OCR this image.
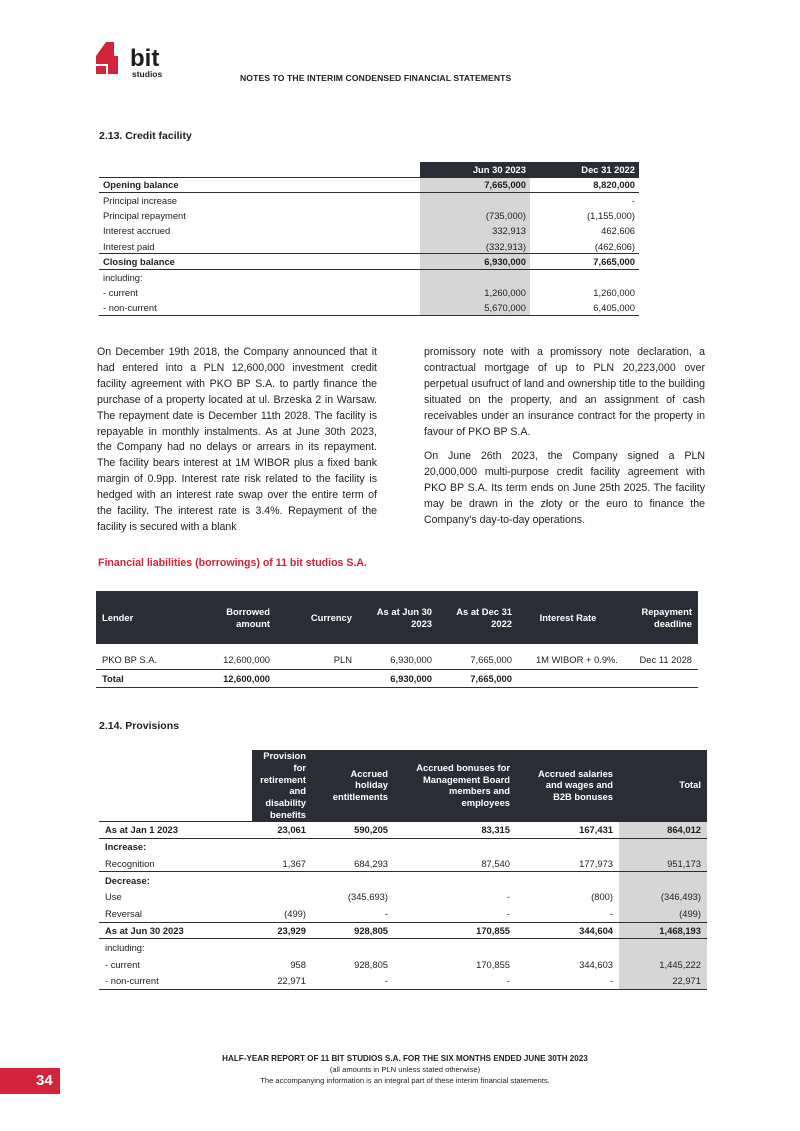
bit
studios	NOTES TO THE INTERIM CONDENSED FINANCIAL STATEMENTS
2.13. Credit facility
	Jun 30 2023	Dec 31 2022
Opening balance	7,665,000	8,820,000
Principal increase		-
Principal repayment	(735,000)	(1,155,000)
Interest accrued	332,913	462,606
Interest paid	(332,913)	(462,606)
Closing balance	6,930,000	7,665,000
including:		
- current	1,260,000	1,260,000
- non-current	5,670,000	6,405,000

On December 19th 2018, the Company announced that it had entered into a PLN 12,600,000 investment credit facility agreement with PKO BP S.A. to partly finance the purchase of a property located at ul. Brzeska 2 in Warsaw. The repayment date is December 11th 2028. The facility is repayable in monthly instalments. As at June 30th 2023, the Company had no delays or arrears in its repayment. The facility bears interest at 1M WIBOR plus a fixed bank margin of 0.9pp. Interest rate risk related to the facility is hedged with an interest rate swap over the entire term of the facility. The interest rate is 3.4%. Repayment of the facility is secured with a blank

promissory note with a promissory note declaration, a contractual mortgage of up to PLN 20,223,000 over perpetual usufruct of land and ownership title to the building situated on the property, and an assignment of cash receivables under an insurance contract for the property in favour of PKO BP S.A.

On June 26th 2023, the Company signed a PLN 20,000,000 multi-purpose credit facility agreement with PKO BP S.A. Its term ends on June 25th 2025. The facility may be drawn in the złoty or the euro to finance the Company's day-to-day operations.

Financial liabilities (borrowings) of 11 bit studios S.A.
Lender	Borrowed amount	Currency	As at Jun 30 2023	As at Dec 31 2022	Interest Rate	Repayment deadline

PKO BP S.A.	12,600,000	PLN	6,930,000	7,665,000	1M WIBOR + 0.9%.	Dec 11 2028
Total	12,600,000		6,930,000	7,665,000		
2.14. Provisions
	Provision for retirement and disability benefits	Accrued holiday entitlements	Accrued bonuses for Management Board members and employees	Accrued salaries and wages and B2B bonuses	Total
As at Jan 1 2023	23,061	590,205	83,315	167,431	864,012
Increase:					
Recognition	1,367	684,293	87,540	177,973	951,173
Decrease:					
Use		(345,693)	-	(800)	(346,493)
Reversal	(499)	-	-	-	(499)
As at Jun 30 2023	23,929	928,805	170,855	344,604	1,468,193
including:					
- current	958	928,805	170,855	344,603	1,445,222
- non-current	22,971	-	-	-	22,971
34
HALF-YEAR REPORT OF 11 BIT STUDIOS S.A. FOR THE SIX MONTHS ENDED JUNE 30TH 2023
(all amounts in PLN unless stated otherwise)
The accompanying information is an integral part of these interim financial statements.
